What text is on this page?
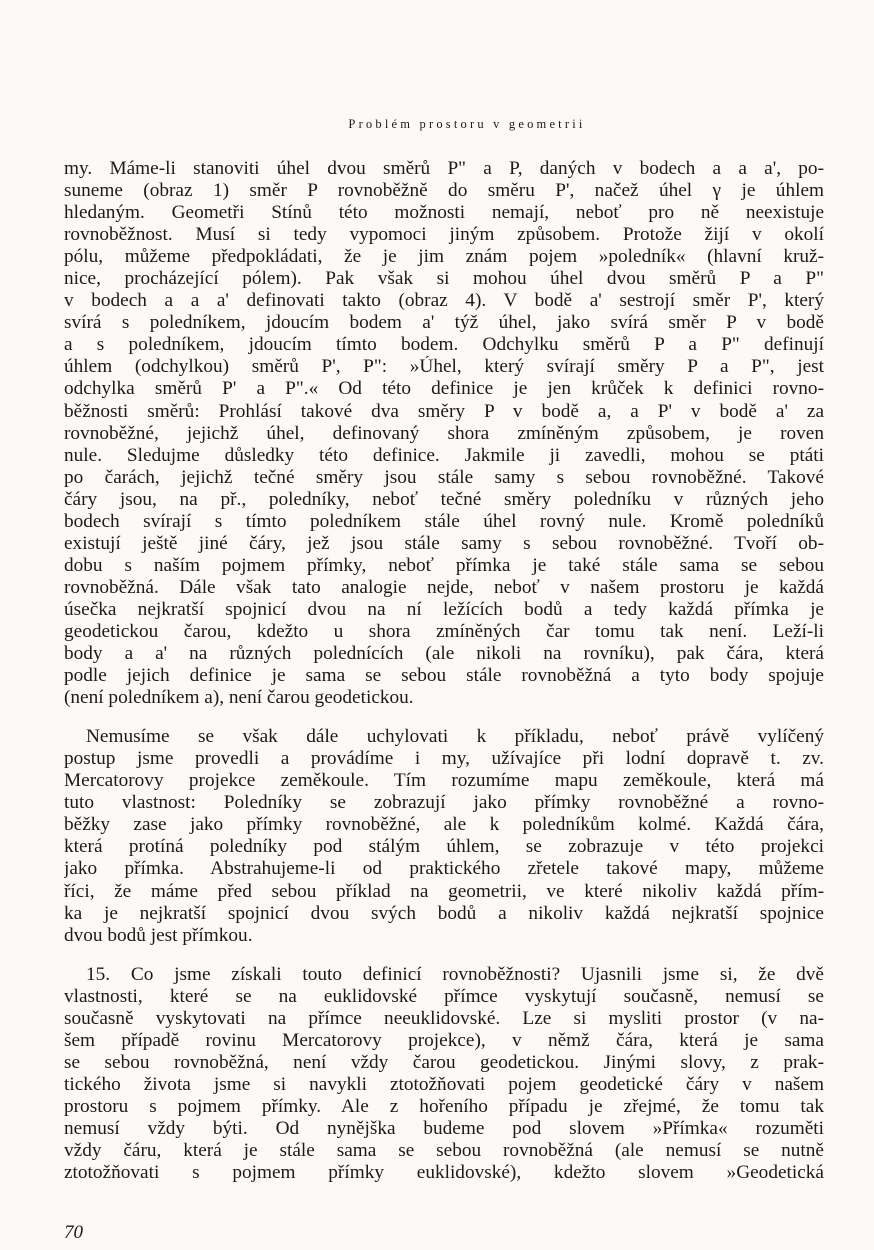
Problém prostoru v geometrii
my. Máme-li stanoviti úhel dvou směrů P" a P, daných v bodech a a a', po-
suneme (obraz 1) směr P rovnoběžně do směru P', načež úhel γ je úhlem
hledaným. Geometři Stínů této možnosti nemají, neboť pro ně neexistuje
rovnoběžnost. Musí si tedy vypomoci jiným způsobem. Protože žijí v okolí
pólu, můžeme předpokládati, že je jim znám pojem »poledník« (hlavní kruž-
nice, procházející pólem). Pak však si mohou úhel dvou směrů P a P"
v bodech a a a' definovati takto (obraz 4). V bodě a' sestrojí směr P', který
svírá s poledníkem, jdoucím bodem a' týž úhel, jako svírá směr P v bodě
a s poledníkem, jdoucím tímto bodem. Odchylku směrů P a P" definují
úhlem (odchylkou) směrů P', P": »Úhel, který svírají směry P a P", jest
odchylka směrů P' a P".« Od této definice je jen krůček k definici rovno-
běžnosti směrů: Prohlásí takové dva směry P v bodě a, a P' v bodě a' za
rovnoběžné, jejichž úhel, definovaný shora zmíněným způsobem, je roven
nule. Sledujme důsledky této definice. Jakmile ji zavedli, mohou se ptáti
po čarách, jejichž tečné směry jsou stále samy s sebou rovnoběžné. Takové
čáry jsou, na př., poledníky, neboť tečné směry poledníku v různých jeho
bodech svírají s tímto poledníkem stále úhel rovný nule. Kromě poledníků
existují ještě jiné čáry, jež jsou stále samy s sebou rovnoběžné. Tvoří ob-
dobu s naším pojmem přímky, neboť přímka je také stále sama se sebou
rovnoběžná. Dále však tato analogie nejde, neboť v našem prostoru je každá
úsečka nejkratší spojnicí dvou na ní ležících bodů a tedy každá přímka je
geodetickou čarou, kdežto u shora zmíněných čar tomu tak není. Leží-li
body a a' na různých polednících (ale nikoli na rovníku), pak čára, která
podle jejich definice je sama se sebou stále rovnoběžná a tyto body spojuje
(není poledníkem a), není čarou geodetickou.
Nemusíme se však dále uchylovati k příkladu, neboť právě vylíčený
postup jsme provedli a provádíme i my, užívajíce při lodní dopravě t. zv.
Mercatorovy projekce zeměkoule. Tím rozumíme mapu zeměkoule, která má
tuto vlastnost: Poledníky se zobrazují jako přímky rovnoběžné a rovno-
běžky zase jako přímky rovnoběžné, ale k poledníkům kolmé. Každá čára,
která protíná poledníky pod stálým úhlem, se zobrazuje v této projekci
jako přímka. Abstrahujeme-li od praktického zřetele takové mapy, můžeme
říci, že máme před sebou příklad na geometrii, ve které nikoliv každá přím-
ka je nejkratší spojnicí dvou svých bodů a nikoliv každá nejkratší spojnice
dvou bodů jest přímkou.
15. Co jsme získali touto definicí rovnoběžnosti? Ujasnili jsme si, že dvě
vlastnosti, které se na euklidovské přímce vyskytují současně, nemusí se
současně vyskytovati na přímce neeuklidovské. Lze si mysliti prostor (v na-
šem případě rovinu Mercatorovy projekce), v němž čára, která je sama
se sebou rovnoběžná, není vždy čarou geodetickou. Jinými slovy, z prak-
tického života jsme si navykli ztotožňovati pojem geodetické čáry v našem
prostoru s pojmem přímky. Ale z hořeního případu je zřejmé, že tomu tak
nemusí vždy býti. Od nynějška budeme pod slovem »Přímka« rozuměti
vždy čáru, která je stále sama se sebou rovnoběžná (ale nemusí se nutně
ztotožňovati s pojmem přímky euklidovské), kdežto slovem »Geodetická
70
